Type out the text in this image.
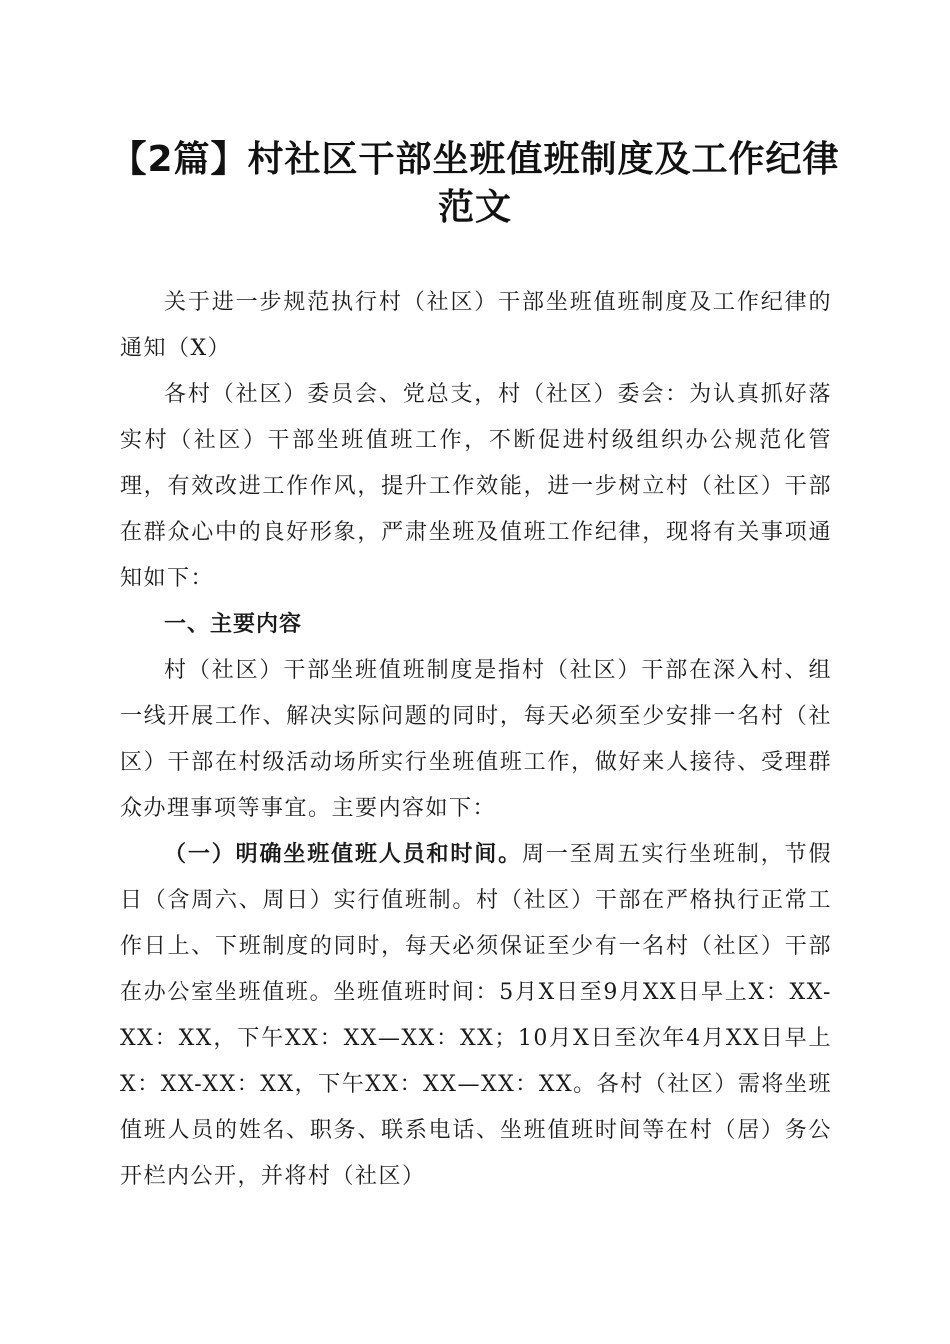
【2篇】村社区干部坐班值班制度及工作纪律范文

关于进一步规范执行村（社区）干部坐班值班制度及工作纪律的通知（X）

各村（社区）委员会、党总支，村（社区）委会：为认真抓好落实村（社区）干部坐班值班工作，不断促进村级组织办公规范化管理，有效改进工作作风，提升工作效能，进一步树立村（社区）干部在群众心中的良好形象，严肃坐班及值班工作纪律，现将有关事项通知如下：

一、主要内容

村（社区）干部坐班值班制度是指村（社区）干部在深入村、组一线开展工作、解决实际问题的同时，每天必须至少安排一名村（社区）干部在村级活动场所实行坐班值班工作，做好来人接待、受理群众办理事项等事宜。主要内容如下：

（一）明确坐班值班人员和时间。周一至周五实行坐班制，节假日（含周六、周日）实行值班制。村（社区）干部在严格执行正常工作日上、下班制度的同时，每天必须保证至少有一名村（社区）干部在办公室坐班值班。坐班值班时间：5月X日至9月XX日早上X：XX-XX：XX，下午XX：XX—XX：XX；10月X日至次年4月XX日早上X：XX-XX：XX，下午XX：XX—XX：XX。各村（社区）需将坐班值班人员的姓名、职务、联系电话、坐班值班时间等在村（居）务公开栏内公开，并将村（社区）
